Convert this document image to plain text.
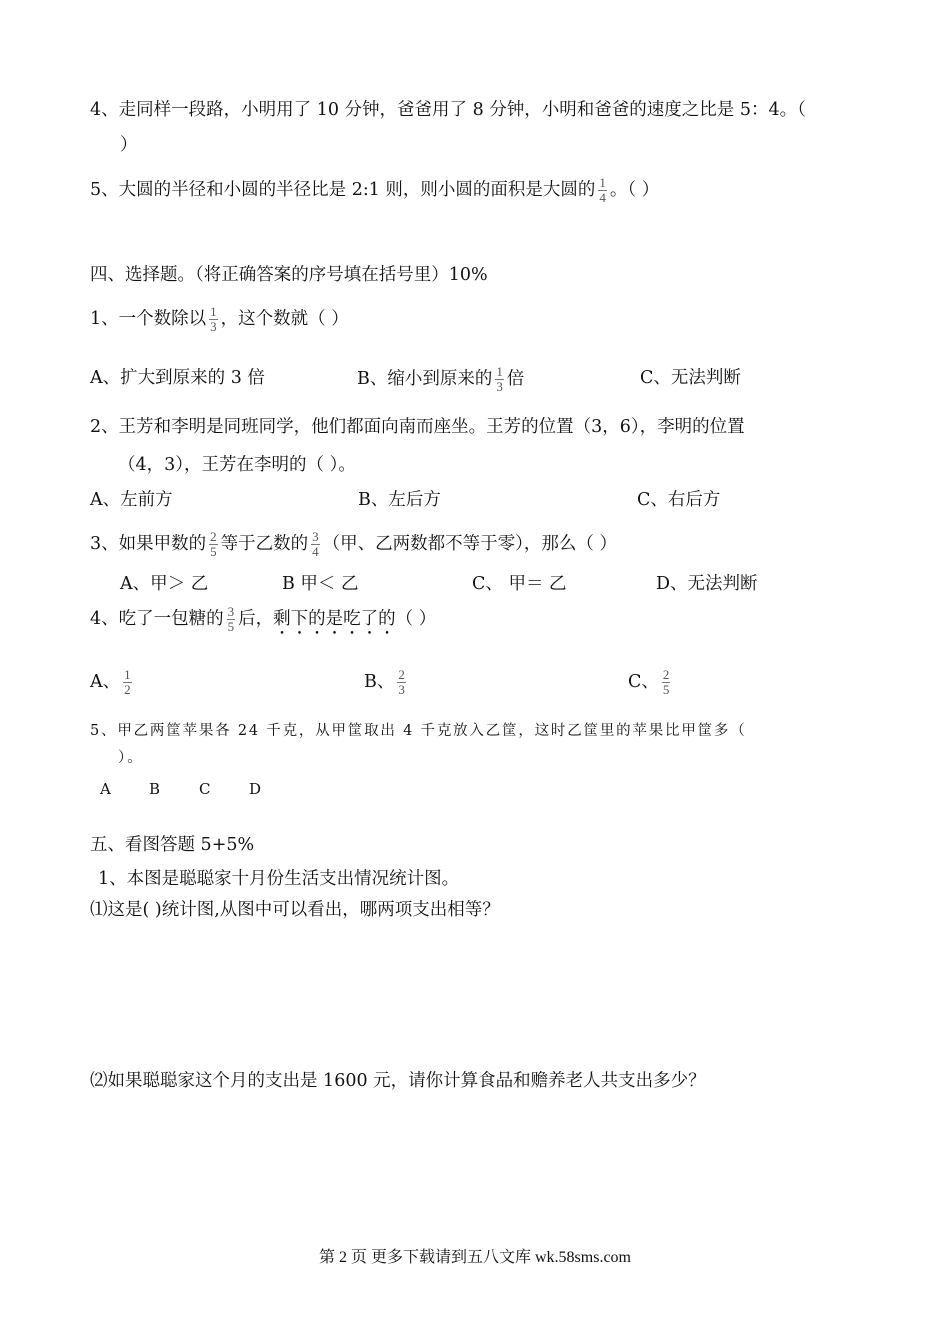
4、走同样一段路，小明用了 10 分钟，爸爸用了 8 分钟，小明和爸爸的速度之比是 5：4。（
）
5、大圆的半径和小圆的半径比是 2:1 则，则小圆的面积是大圆的 $\frac{1}{4}$ 。（ ）
四、选择题。（将正确答案的序号填在括号里）10%
1、一个数除以 $\frac{1}{3}$ ，这个数就（ ）
A、扩大到原来的 3 倍	B、缩小到原来的 $\frac{1}{3}$ 倍	C、无法判断
2、王芳和李明是同班同学，他们都面向南而座坐。王芳的位置（3，6），李明的位置
（4，3），王芳在李明的（ ）。
A、左前方	B、左后方	C、右后方
3、如果甲数的 $\frac{2}{5}$ 等于乙数的 $\frac{3}{4}$ （甲、乙两数都不等于零），那么（ ）
A、甲＞ 乙	B 甲＜ 乙	C、 甲＝ 乙	D、无法判断
4、吃了一包糖的 $\frac{3}{5}$ 后，剩下的是吃了的（ ）
A、 $\frac{1}{2}$	B、 $\frac{2}{3}$	C、 $\frac{2}{5}$
5、甲乙两筐苹果各 24 千克，从甲筐取出 4 千克放入乙筐，这时乙筐里的苹果比甲筐多（
）。
A	B	C	D
五、看图答题 5+5%
1、本图是聪聪家十月份生活支出情况统计图。
⑴这是( )统计图,从图中可以看出，哪两项支出相等？
⑵如果聪聪家这个月的支出是 1600 元，请你计算食品和赡养老人共支出多少？
第 2 页 更多下载请到五八文库 wk.58sms.com
